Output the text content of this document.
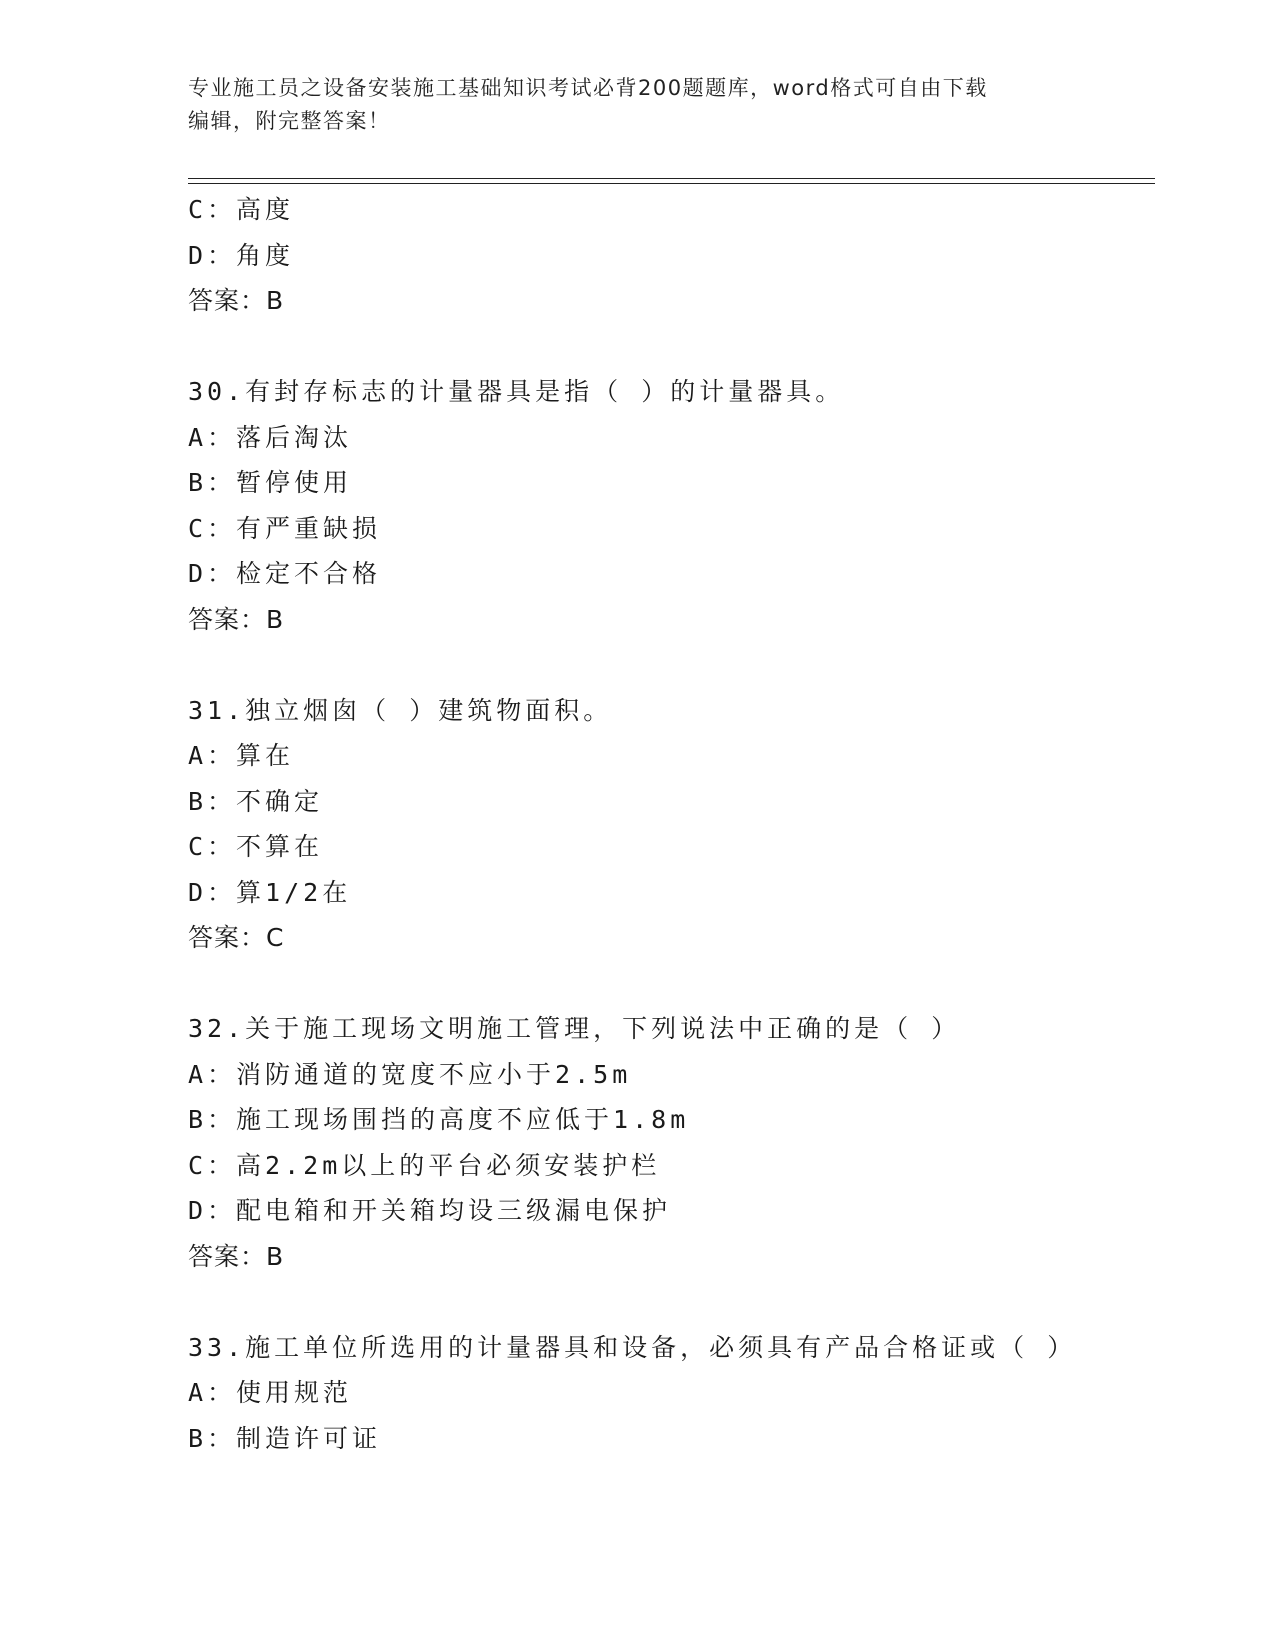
专业施工员之设备安装施工基础知识考试必背200题题库，word格式可自由下载
编辑，附完整答案！
C：高度
D：角度
答案：B
30.有封存标志的计量器具是指（ ）的计量器具。
A：落后淘汰
B：暂停使用
C：有严重缺损
D：检定不合格
答案：B
31.独立烟囱（ ）建筑物面积。
A：算在
B：不确定
C：不算在
D：算1/2在
答案：C
32.关于施工现场文明施工管理，下列说法中正确的是（ ）
A：消防通道的宽度不应小于2.5m
B：施工现场围挡的高度不应低于1.8m
C：高2.2m以上的平台必须安装护栏
D：配电箱和开关箱均设三级漏电保护
答案：B
33.施工单位所选用的计量器具和设备，必须具有产品合格证或（ ）
A：使用规范
B：制造许可证
